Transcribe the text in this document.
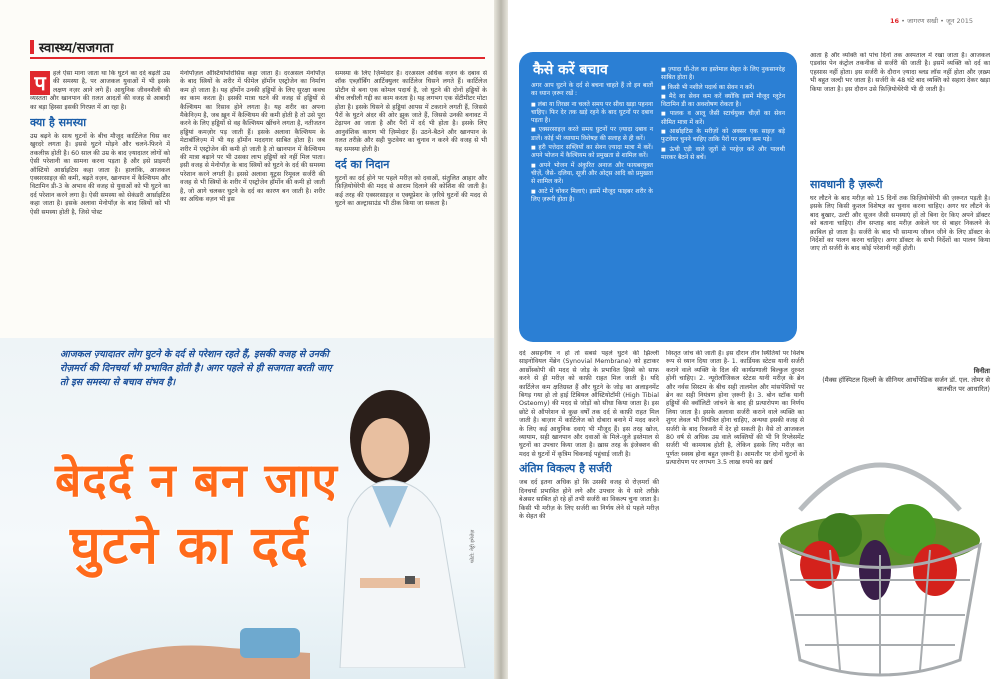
स्वास्थ्य/सजगता
प	हले ऐसा माना जाता था कि घुटने का दर्द बढ़ती उम्र की समस्या है, पर आजकल युवाओं में भी इसके लक्षण नज़र आने लगे हैं। आधुनिक जीवनशैली की व्यस्तता और खानपान की ग़लत आदतों की वजह से आबादी का बड़ा हिस्सा इसकी गिरफ़्त में आ रहा है।
क्या है समस्या
उम्र बढ़ने के साथ घुटनों के बीच मौजूद कार्टिलेज घिस कर खुरदरे लगता है। इससे घुटने मोड़ने और चलने-फिरने में तकलीफ़ होती है। 60 साल की उम्र के बाद ज़्यादातर लोगों को ऐसी परेशानी का सामना करना पड़ता है और इसे प्राइमरी ऑस्टियो आर्थ्राइटिस कहा जाता है। हालांकि, आजकल एक्सरसाइज़ की कमी, बढ़ते वज़न, खानपान में कैल्शियम और विटामिन डी-3 के अभाव की वजह से युवाओं को भी घुटने का दर्द परेशान करने लगा है। ऐसी समस्या को सेकंडरी आर्थ्राइटिस कहा जाता है। इसके अलावा मेनोपॉज़ के बाद स्त्रियों को भी ऐसी समस्या होती है, जिसे पोस्ट
मेनोपॉज़ल ऑस्टियोपोरोसिस कहा जाता है। दरअसल मेनोपॉज़ के बाद स्त्रियों के शरीर में फीमेल हॉर्मोन एस्ट्रोजेन का निर्माण कम हो जाता है। यह हॉर्मोन उनकी हड्डियों के लिए सुरक्षा कवच का काम करता है। इसकी मात्रा घटने की वजह से हड्डियों से कैल्शियम का रिसाव होने लगता है। यह शरीर का अपना मैकेनिज़्म है, जब ख़ून में कैल्शियम की कमी होती है तो उसे पूरा करने के लिए हड्डियों से वह कैल्शियम खींचने लगता है, नतीजतन हड्डियां कमज़ोर पड़ जाती हैं। इसके अलावा कैल्शियम के मेटाबॉलिज़्म में भी यह हॉर्मोन मददगार साबित होता है। जब शरीर में एस्ट्रोजेन की कमी हो जाती है तो खानपान में कैल्शियम की मात्रा बढ़ाने पर भी उसका लाभ हड्डियों को नहीं मिल पाता। इसी वजह से मेनोपॉज़ के बाद स्त्रियों को घुटने के दर्द की समस्या परेशान करने लगती है। इससे अलावा यूट्रस रिमूवल सर्जरी की वजह से भी स्त्रियों के शरीर में एस्ट्रोजेन हॉर्मोन की कमी हो जाती है, जो आगे चलकर घुटने के दर्द का कारण बन जाती है। शरीर का अधिक वज़न भी इस
समस्या के लिए ज़िम्मेदार है। दरअसल अधिक वज़न के दबाव से शॉक एब्ज़ॉर्बिंग आर्टिक्युलर कार्टिलेज घिसने लगते हैं। कार्टिलेज प्रोटीन से बना एक कोमल पदार्थ है, जो घुटने की दोनों हड्डियों के बीच लचीली गद्दी का काम करता है। यह लगभग एक सेंटीमीटर मोटा होता है। इसके घिसने से हड्डियां आपस में टकराने लगती हैं, जिससे पैरों के घुटने अंदर की ओर झुक जाते हैं, जिससे उनकी बनावट में टेढ़ापन आ जाता है और पैरों में दर्द भी होता है। इसके लिए आनुवंशिक कारण भी ज़िम्मेदार हैं। उठने-बैठने और खानपान के ग़लत तरीक़े और सही फुटवेयर का चुनाव न करने की वजह से भी यह समस्या होती है।
दर्द का निदान
घुटनों का दर्द होने पर पहले मरीज़ को दवाओं, संतुलित आहार और फ़िज़ियोथेरेपी की मदद से आराम दिलाने की कोशिश की जाती है। कई तरह की एक्सरसाइज़ व एक्यूप्रेशर के ज़रिये घुटनों की मदद से घुटने का अल्ट्रासाउंड भी ठीक किया जा सकता है।
आजकल ज़्यादातर लोग घुटने के दर्द से परेशान रहते हैं, इसकी वजह से उनकी रोज़मर्रा की दिनचर्या भी प्रभावित होती है। अगर पहले से ही सजगता बरती जाए तो इस समस्या से बचाव संभव है।
बेदर्द न बन जाए
घुटने का दर्द	फोटो: गेट्टी इमेजेज़
16 • जागरण सखी • जून 2015
कैसे करें बचाव
अगर आप घुटने के दर्द से बचना चाहते हैं तो इन बातों का ध्यान ज़रूर रखें :
■ लंबा या तिरछा ना चलते समय पर सीधा खड़ा पहनना चाहिए। फिर देर तक खड़े रहने के बाद घुटनों पर दबाव पड़ता है।
■ एक्सरसाइज़ करते समय घुटनों पर ज़्यादा दबाव न डालें। कोई भी व्यायाम विशेषज्ञ की सलाह से ही करें।
■ हरी पत्तेदार सब्ज़ियों का सेवन ज़्यादा मात्रा में करें। अपने भोजन में कैल्शियम को प्रमुखता से शामिल करें।
■ अपने भोजन में अंकुरित अनाज और फायबरयुक्त चीज़ें, जैसे- दलिया, सूजी और ओट्स आदि को प्रमुखता से शामिल करें।
■ आटे में चोकर मिलाएं। इसमें मौजूद फाइबर शरीर के लिए ज़रूरी होता है।
■ ज़्यादा घी-तेल का इस्तेमाल सेहत के लिए नुकसानदेह साबित होता है।
■ किसी भी नशीले पदार्थ का सेवन न करें।
■ मैदे का सेवन कम करें क्योंकि इसमें मौजूद ग्लूटेन विटामिन डी का अवशोषण रोकता है।
■ पालक व आलू जैसी स्टार्चयुक्त चीज़ों का सेवन सीमित मात्रा में करें।
■ आर्थ्राइटिस के मरीज़ों को अक्सर एक साइज़ बड़े फुटवेयर चुनने चाहिए ताकि पैरों पर दबाव कम पड़े।
■ ऊंची एड़ी वाले जूतों से परहेज़ करें और पालथी मारकर बैठने से बचें।
आता है और व्यक्ति को पांच दिनों तक अस्पताल में रखा जाता है। आजकल एडवांस पेन कंट्रोल तकनीक से सर्जरी की जाती है। इसमें व्यक्ति को दर्द का एहसास नहीं होता। इस सर्जरी के दौरान ज़्यादा ब्लड लॉस नहीं होता और ज़ख़्म भी बहुत जल्दी भर जाता है। सर्जरी के 48 घंटे बाद व्यक्ति को सहारा देकर खड़ा किया जाता है। इस दौरान उसे फ़िज़ियोथेरेपी भी दी जाती है।
सावधानी है ज़रूरी
घर लौटने के बाद मरीज़ को 15 दिनों तक फ़िज़ियोथेरेपी की ज़रूरत पड़ती है। इसके लिए किसी कुशल विशेषज्ञ का चुनाव करना चाहिए। अगर घर लौटने के बाद बुखार, उल्टी और सूजन जैसी समस्याएं हों तो बिना देर किए अपने डॉक्टर को बताना चाहिए। तीन सप्ताह बाद मरीज़ अकेले घर से बाहर निकलने के क़ाबिल हो जाता है। सर्जरी के बाद भी सामान्य जीवन जीने के लिए डॉक्टर के निर्देशों का पालन करना चाहिए। अगर डॉक्टर के सभी निर्देशों का पालन किया जाए तो सर्जरी के बाद कोई परेशानी नहीं होती।
दर्द असहनीय न हो तो सबसे पहले घुटने की झिल्ली साइनोवियल मेंब्रेन (Synovial Membrane) को हटाकर आर्थ्रोस्कोपी की मदद से जोड़ के प्रभावित हिस्से को साफ़ करने से ही मरीज़ को काफ़ी राहत मिल जाती है। यदि कार्टिलेज कम क्षतिग्रस्त हैं और घुटने के जोड़ का अलाइनमेंट बिगड़ गया हो तो हाई टिबियल ऑस्टियोटॉमी (High Tibial Osteomy) की मदद से जोड़ों को सीधा किया जाता है। इस छोटे से ऑपरेशन से कुछ वर्षों तक दर्द से काफ़ी राहत मिल जाती है। बाज़ार में कार्टिलेज को दोबारा बनाने में मदद करने के लिए कई आधुनिक दवाएं भी मौजूद हैं। इस तरह खोज, व्यायाम, सही खानपान और दवाओं के मिले-जुले इस्तेमाल से घुटनों का उपचार किया जाता है। ख़ास तरह के इंजेक्शन की मदद से घुटनों में कृत्रिम चिकनाई पहुंचाई जाती है।
अंतिम विकल्प है सर्जरी
जब दर्द इतना अधिक हो कि उसकी वजह से रोज़मर्रा की दिनचर्या प्रभावित होने लगे और उपचार के ये सारे तरीक़े बेअसर साबित हो रहे हों तभी सर्जरी का विकल्प चुना जाता है। किसी भी मरीज़ के लिए सर्जरी का निर्णय लेने से पहले मरीज़ के सेहत की
विस्तृत जांच की जाती है। इस दौरान तीन स्थितियों पर विशेष रूप से ध्यान दिया जाता है- 1. कार्डियक स्टेटस यानी सर्जरी कराने वाले व्यक्ति के दिल की कार्यप्रणाली बिल्कुल दुरुस्त होनी चाहिए। 2. न्यूरोलॉजिकल स्टेटस यानी मरीज़ के ब्रेन और नर्वस सिस्टम के बीच सही तालमेल और मांसपेशियों पर ब्रेन का सही नियंत्रण होना ज़रूरी है। 3. बोन स्टॉक यानी हड्डियों की क्वॉलिटी जांचने के बाद ही प्रत्यारोपण का निर्णय लिया जाता है। इसके अलावा सर्जरी कराने वाले व्यक्ति का शुगर लेवल भी नियंत्रित होना चाहिए, अन्यथा इसकी वजह से सर्जरी के बाद रिकवरी में देर हो सकती है। वैसे तो आजकल 80 वर्ष से अधिक उम्र वाले व्यक्तियों की भी नि रिप्लेसमेंट सर्जरी भी कामयाब होती है, लेकिन इसके लिए मरीज़ का पूर्णतः स्वस्थ होना बहुत ज़रूरी है। आमतौर पर दोनों घुटनों के प्रत्यारोपण पर लगभग 3.5 लाख रुपये का ख़र्च
विनीता
(मैक्स हॉस्पिटल दिल्ली के सीनियर आर्थोपेडिक सर्जन डॉ. एल. तोमर से बातचीत पर आधारित)
